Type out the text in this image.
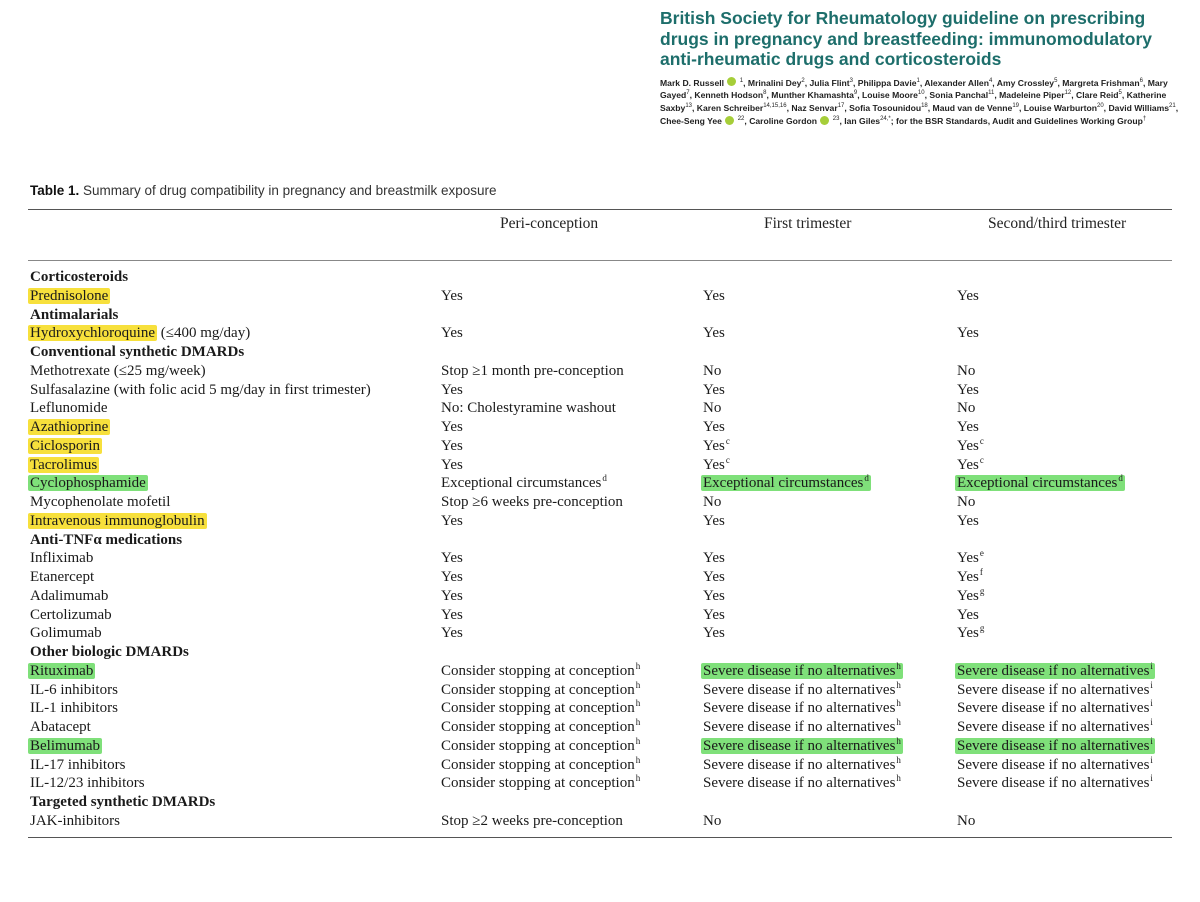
British Society for Rheumatology guideline on prescribing drugs in pregnancy and breastfeeding: immunomodulatory anti-rheumatic drugs and corticosteroids
Mark D. Russell	$^1$, Mrinalini Dey$^2$, Julia Flint$^3$, Philippa Davie$^1$, Alexander Allen$^4$, Amy Crossley$^5$, Margreta Frishman$^6$, Mary Gayed$^7$, Kenneth Hodson$^8$, Munther Khamashta$^9$, Louise Moore$^{10}$, Sonia Panchal$^{11}$, Madeleine Piper$^{12}$, Clare Reid$^5$, Katherine Saxby$^{13}$, Karen Schreiber$^{14,15,16}$, Naz Senvar$^{17}$, Sofia Tosounidou$^{18}$, Maud van de Venne$^{19}$, Louise Warburton$^{20}$, David Williams$^{21}$, Chee-Seng Yee	$^{22}$, Caroline Gordon	$^{23}$, Ian Giles$^{24,*}$; for the BSR Standards, Audit and Guidelines Working Group†
Table 1. Summary of drug compatibility in pregnancy and breastmilk exposure
Peri-conception	First trimester	Second/third trimester
Corticosteroids
Prednisolone	Yes	Yes	Yes
Antimalarials
Hydroxychloroquine (≤400 mg/day)	Yes	Yes	Yes
Conventional synthetic DMARDs
Methotrexate (≤25 mg/week)	Stop ≥1 month pre-conception	No	No
Sulfasalazine (with folic acid 5 mg/day in first trimester)	Yes	Yes	Yes
Leflunomide	No: Cholestyramine washout	No	No
Azathioprine	Yes	Yes	Yes
Ciclosporin	Yes	Yes$^c$	Yes$^c$
Tacrolimus	Yes	Yes$^c$	Yes$^c$
Cyclophosphamide	Exceptional circumstances$^d$	Exceptional circumstances$^d$	Exceptional circumstances$^d$
Mycophenolate mofetil	Stop ≥6 weeks pre-conception	No	No
Intravenous immunoglobulin	Yes	Yes	Yes
Anti-TNFα medications
Infliximab	Yes	Yes	Yes$^e$
Etanercept	Yes	Yes	Yes$^f$
Adalimumab	Yes	Yes	Yes$^g$
Certolizumab	Yes	Yes	Yes
Golimumab	Yes	Yes	Yes$^g$
Other biologic DMARDs
Rituximab	Consider stopping at conception$^h$	Severe disease if no alternatives$^h$	Severe disease if no alternatives$^i$
IL-6 inhibitors	Consider stopping at conception$^h$	Severe disease if no alternatives$^h$	Severe disease if no alternatives$^i$
IL-1 inhibitors	Consider stopping at conception$^h$	Severe disease if no alternatives$^h$	Severe disease if no alternatives$^i$
Abatacept	Consider stopping at conception$^h$	Severe disease if no alternatives$^h$	Severe disease if no alternatives$^i$
Belimumab	Consider stopping at conception$^h$	Severe disease if no alternatives$^h$	Severe disease if no alternatives$^i$
IL-17 inhibitors	Consider stopping at conception$^h$	Severe disease if no alternatives$^h$	Severe disease if no alternatives$^i$
IL-12/23 inhibitors	Consider stopping at conception$^h$	Severe disease if no alternatives$^h$	Severe disease if no alternatives$^i$
Targeted synthetic DMARDs
JAK-inhibitors	Stop ≥2 weeks pre-conception	No	No
